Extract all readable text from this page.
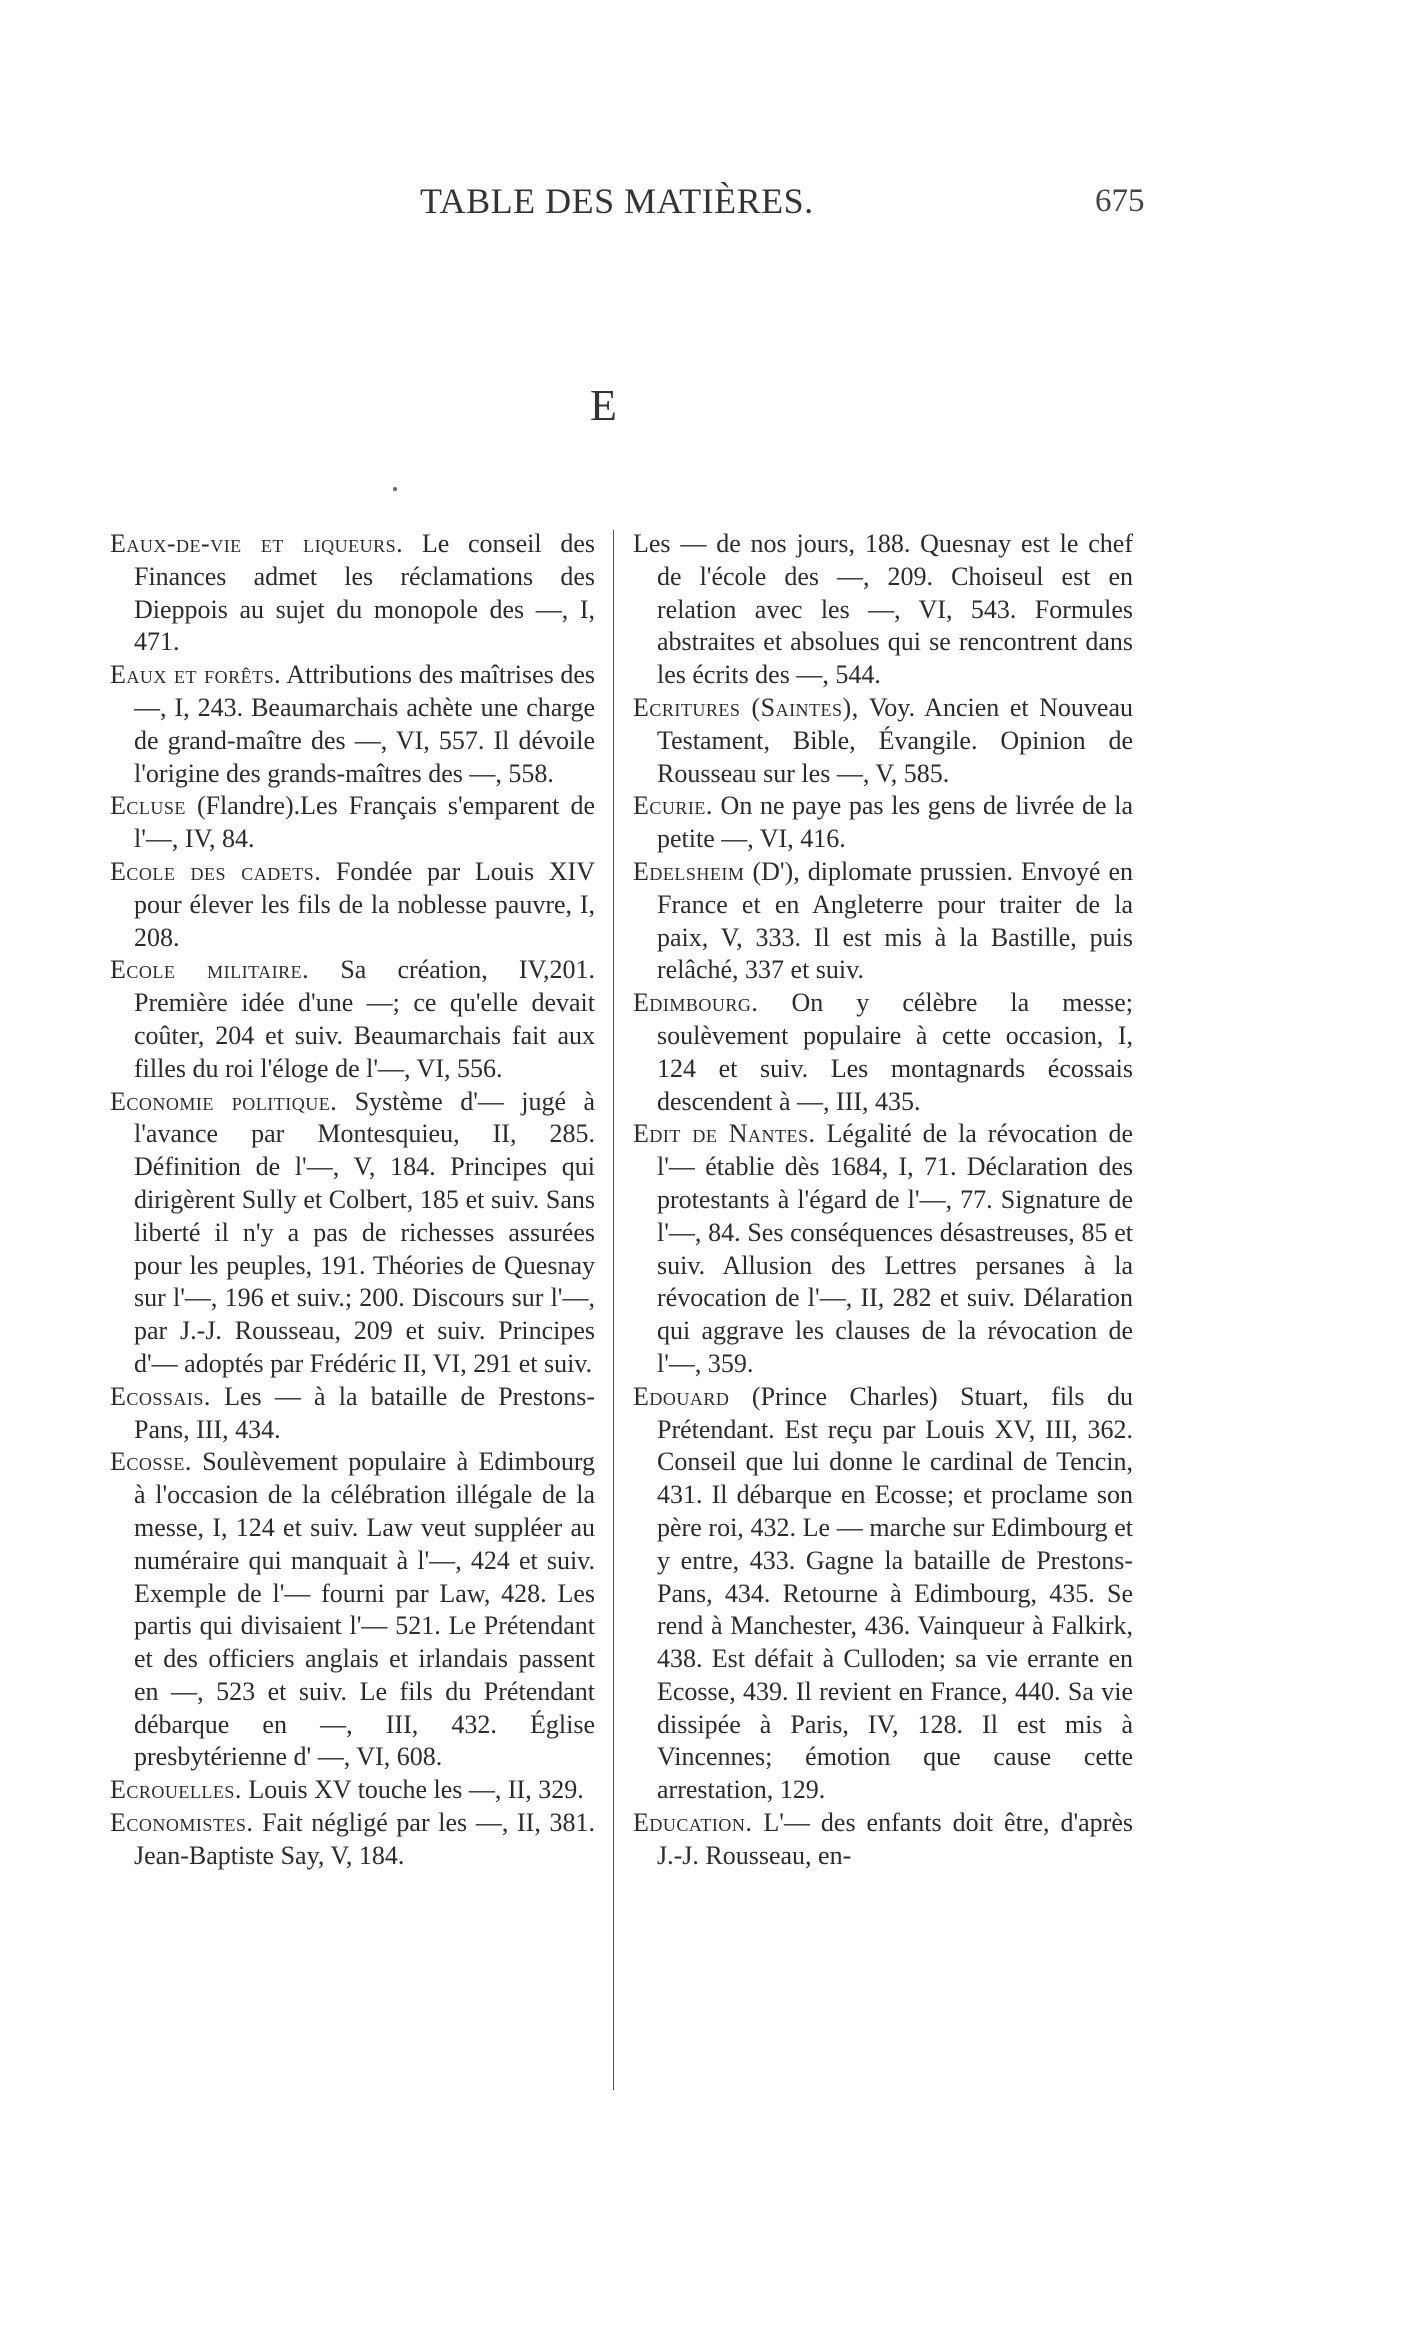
TABLE DES MATIÈRES.	675
E

Eaux-de-vie et liqueurs. Le conseil des Finances admet les réclamations des Dieppois au sujet du monopole des —, I, 471.

Eaux et forêts. Attributions des maîtrises des —, I, 243. Beaumarchais achète une charge de grand-maître des —, VI, 557. Il dévoile l'origine des grands-maîtres des —, 558.

Ecluse (Flandre).Les Français s'emparent de l'—, IV, 84.

Ecole des cadets. Fondée par Louis XIV pour élever les fils de la noblesse pauvre, I, 208.

Ecole militaire. Sa création, IV,201. Première idée d'une —; ce qu'elle devait coûter, 204 et suiv. Beaumarchais fait aux filles du roi l'éloge de l'—, VI, 556.

Economie politique. Système d'— jugé à l'avance par Montesquieu, II, 285. Définition de l'—, V, 184. Principes qui dirigèrent Sully et Colbert, 185 et suiv. Sans liberté il n'y a pas de richesses assurées pour les peuples, 191. Théories de Quesnay sur l'—, 196 et suiv.; 200. Discours sur l'—, par J.-J. Rousseau, 209 et suiv. Principes d'— adoptés par Frédéric II, VI, 291 et suiv.

Ecossais. Les — à la bataille de Prestons-Pans, III, 434.

Ecosse. Soulèvement populaire à Edimbourg à l'occasion de la célébration illégale de la messe, I, 124 et suiv. Law veut suppléer au numéraire qui manquait à l'—, 424 et suiv. Exemple de l'— fourni par Law, 428. Les partis qui divisaient l'— 521. Le Prétendant et des officiers anglais et irlandais passent en —, 523 et suiv. Le fils du Prétendant débarque en —, III, 432. Église presbytérienne d' —, VI, 608.

Ecrouelles. Louis XV touche les —, II, 329.

Economistes. Fait négligé par les —, II, 381. Jean-Baptiste Say, V, 184.

Les — de nos jours, 188. Quesnay est le chef de l'école des —, 209. Choiseul est en relation avec les —, VI, 543. Formules abstraites et absolues qui se rencontrent dans les écrits des —, 544.

Ecritures (Saintes), Voy. Ancien et Nouveau Testament, Bible, Évangile. Opinion de Rousseau sur les —, V, 585.

Ecurie. On ne paye pas les gens de livrée de la petite —, VI, 416.

Edelsheim (D'), diplomate prussien. Envoyé en France et en Angleterre pour traiter de la paix, V, 333. Il est mis à la Bastille, puis relâché, 337 et suiv.

Edimbourg. On y célèbre la messe; soulèvement populaire à cette occasion, I, 124 et suiv. Les montagnards écossais descendent à —, III, 435.

Edit de Nantes. Légalité de la révocation de l'— établie dès 1684, I, 71. Déclaration des protestants à l'égard de l'—, 77. Signature de l'—, 84. Ses conséquences désastreuses, 85 et suiv. Allusion des Lettres persanes à la révocation de l'—, II, 282 et suiv. Délaration qui aggrave les clauses de la révocation de l'—, 359.

Edouard (Prince Charles) Stuart, fils du Prétendant. Est reçu par Louis XV, III, 362. Conseil que lui donne le cardinal de Tencin, 431. Il débarque en Ecosse; et proclame son père roi, 432. Le — marche sur Edimbourg et y entre, 433. Gagne la bataille de Prestons-Pans, 434. Retourne à Edimbourg, 435. Se rend à Manchester, 436. Vainqueur à Falkirk, 438. Est défait à Culloden; sa vie errante en Ecosse, 439. Il revient en France, 440. Sa vie dissipée à Paris, IV, 128. Il est mis à Vincennes; émotion que cause cette arrestation, 129.

Education. L'— des enfants doit être, d'après J.-J. Rousseau, en-
